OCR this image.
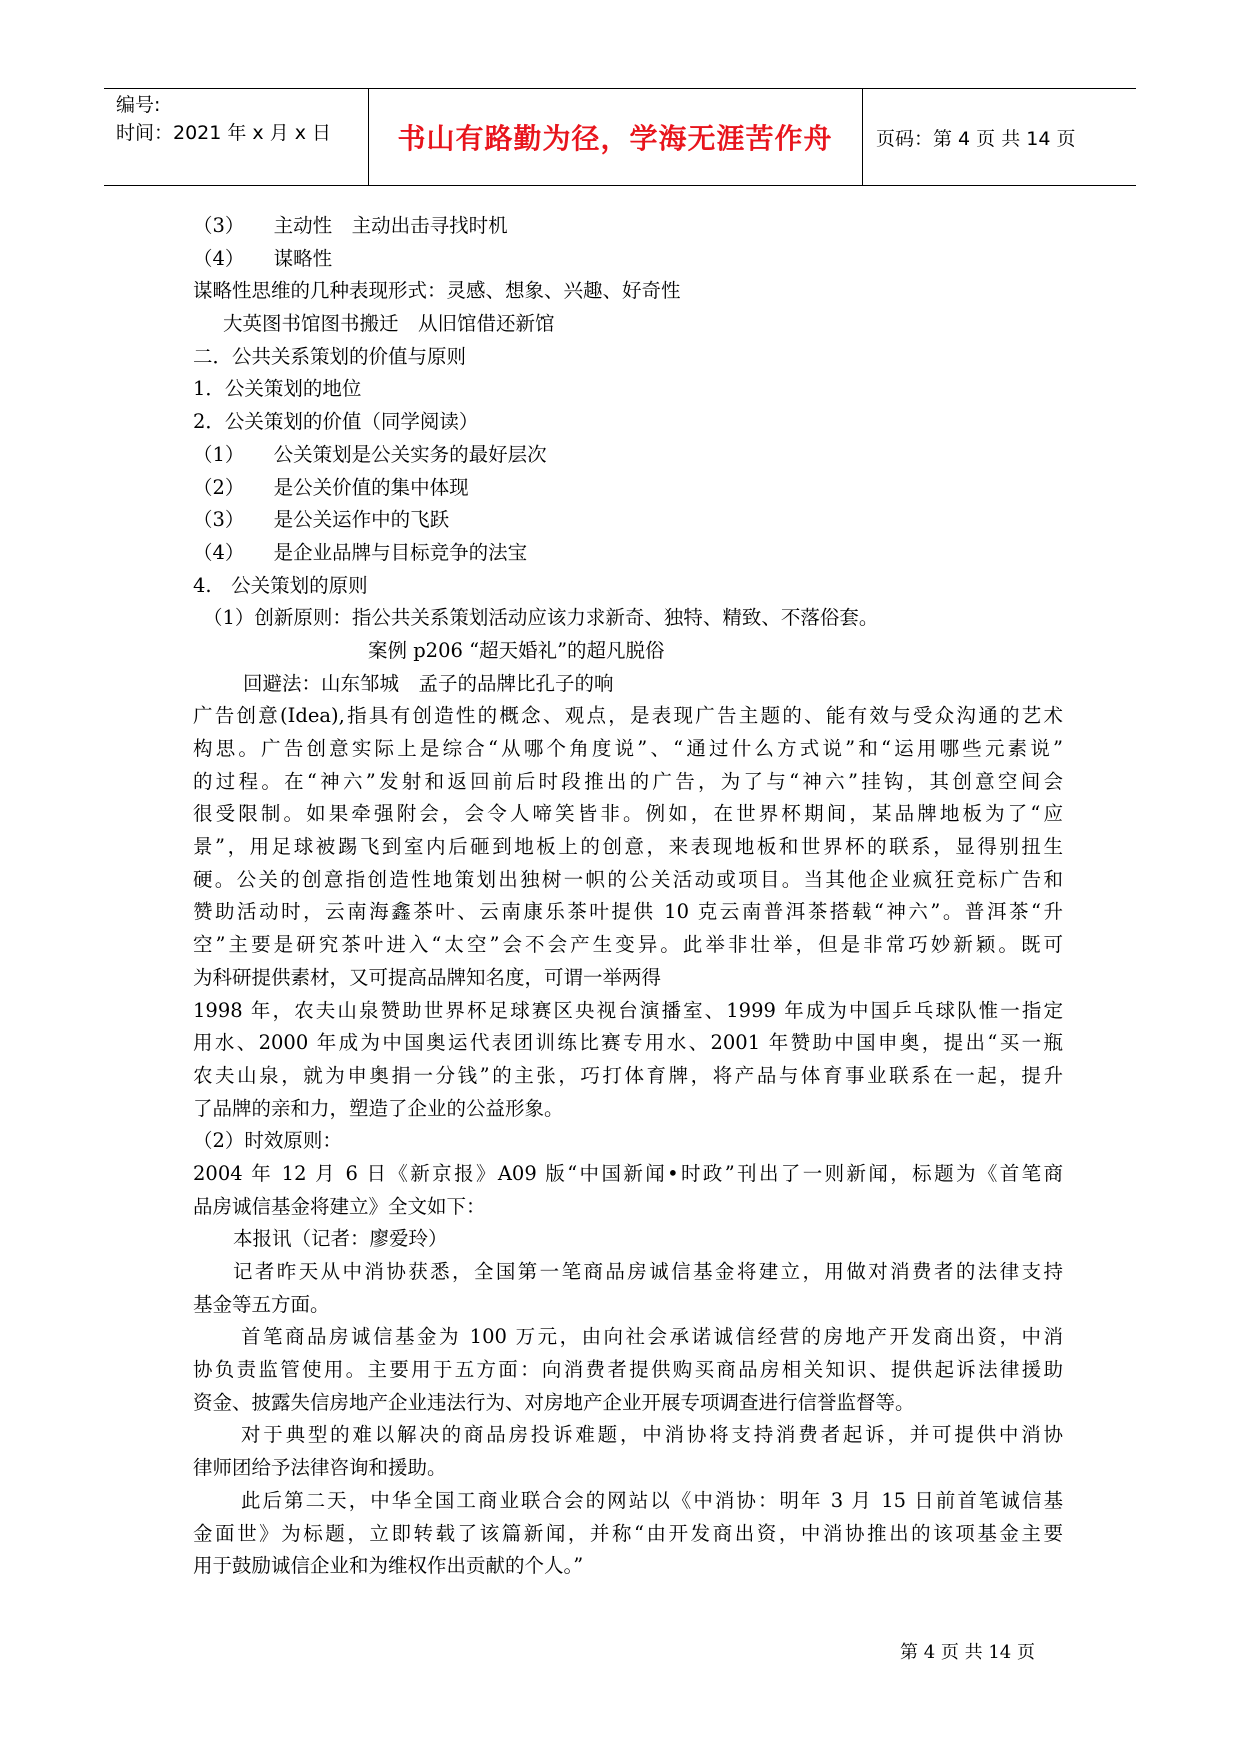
编号:
时间：2021 年 x 月 x 日 书山有路勤为径，学海无涯苦作舟 页码：第 4 页 共 14 页
（3）　　主动性　主动出击寻找时机
（4）　　谋略性
谋略性思维的几种表现形式：灵感、想象、兴趣、好奇性
大英图书馆图书搬迁　从旧馆借还新馆
二．公共关系策划的价值与原则
1．公关策划的地位
2．公关策划的价值（同学阅读）
（1）　　公关策划是公关实务的最好层次
（2）　　是公关价值的集中体现
（3）　　是公关运作中的飞跃
（4）　　是企业品牌与目标竞争的法宝
4.　公关策划的原则
（1）创新原则：指公共关系策划活动应该力求新奇、独特、精致、不落俗套。
案例 p206 “超天婚礼”的超凡脱俗
回避法：山东邹城　孟子的品牌比孔子的响
广告创意(Idea),指具有创造性的概念、观点，是表现广告主题的、能有效与受众沟通的艺术
构思。广告创意实际上是综合“从哪个角度说”、“通过什么方式说”和“运用哪些元素说”
的过程。在“神六”发射和返回前后时段推出的广告，为了与“神六”挂钩，其创意空间会
很受限制。如果牵强附会，会令人啼笑皆非。例如，在世界杯期间，某品牌地板为了“应
景”，用足球被踢飞到室内后砸到地板上的创意，来表现地板和世界杯的联系，显得别扭生
硬。公关的创意指创造性地策划出独树一帜的公关活动或项目。当其他企业疯狂竞标广告和
赞助活动时，云南海鑫茶叶、云南康乐茶叶提供 10 克云南普洱茶搭载“神六”。普洱茶“升
空”主要是研究茶叶进入“太空”会不会产生变异。此举非壮举，但是非常巧妙新颖。既可
为科研提供素材，又可提高品牌知名度，可谓一举两得
1998 年，农夫山泉赞助世界杯足球赛区央视台演播室、1999 年成为中国乒乓球队惟一指定
用水、2000 年成为中国奥运代表团训练比赛专用水、2001 年赞助中国申奥，提出“买一瓶
农夫山泉，就为申奥捐一分钱”的主张，巧打体育牌，将产品与体育事业联系在一起，提升
了品牌的亲和力，塑造了企业的公益形象。
（2）时效原则：
2004 年 12 月 6 日《新京报》A09 版“中国新闻•时政”刊出了一则新闻，标题为《首笔商
品房诚信基金将建立》全文如下：
本报讯（记者：廖爱玲）
记者昨天从中消协获悉，全国第一笔商品房诚信基金将建立，用做对消费者的法律支持
基金等五方面。
首笔商品房诚信基金为 100 万元，由向社会承诺诚信经营的房地产开发商出资，中消
协负责监管使用。主要用于五方面：向消费者提供购买商品房相关知识、提供起诉法律援助
资金、披露失信房地产企业违法行为、对房地产企业开展专项调查进行信誉监督等。
对于典型的难以解决的商品房投诉难题，中消协将支持消费者起诉，并可提供中消协
律师团给予法律咨询和援助。
此后第二天，中华全国工商业联合会的网站以《中消协：明年 3 月 15 日前首笔诚信基
金面世》为标题，立即转载了该篇新闻，并称“由开发商出资，中消协推出的该项基金主要
用于鼓励诚信企业和为维权作出贡献的个人。”
第 4 页 共 14 页
